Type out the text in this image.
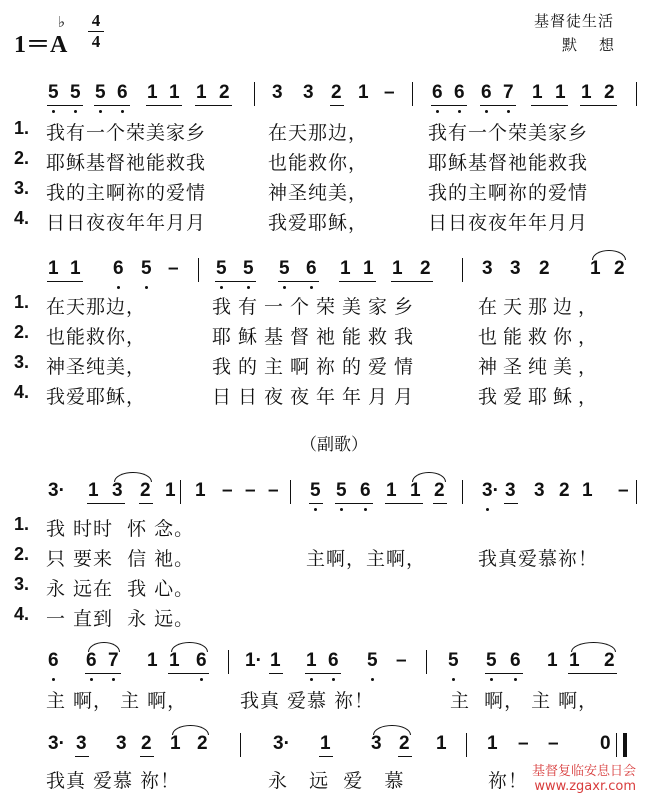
1＝A
♭ 4
4
基督徒生活
默想
5 5 5 6 1 1 1 2 3 3 2 1 – 6 6 6 7 1 1 1 2
1 1 6 5 – 5 5 5 6 1 1 1 2	3 3 2 1 2
3· 1 3 2 1 1 – – – 5 5 6 1 1 2 3· 3 3 2 1 –
6 6 7 1 1 6 1· 1 1 6 5 – 5 5 6 1 1 2
3· 3 3 2 1 2	3· 1 3 2 1 1 – – 0
1. 我有一个荣美家乡	在天那边，	我有一个荣美家乡
2. 耶稣基督祂能救我	也能救你，	耶稣基督祂能救我
3. 我的主啊祢的爱情	神圣纯美，	我的主啊祢的爱情
4. 日日夜夜年年月月	我爱耶稣，	日日夜夜年年月月
1. 在天那边，	我有一个荣美家乡	在天那边，
2. 也能救你，	耶稣基督祂能救我	也能救你，
3. 神圣纯美，	我的主啊祢的爱情	神圣纯美，
4. 我爱耶稣，	日日夜夜年年月月	我爱耶稣，
（副歌）
1. 我 时时  怀 念。
2. 只 要来  信 祂。	主啊，主啊，	我真爱慕祢！
3. 永 远在  我 心。
4. 一 直到  永 远。
主 啊， 主 啊，	我真 爱慕 祢！	主  啊， 主 啊，
我真 爱慕 祢！	永   远  爱   慕	祢！ 基督复临安息日会
www.zgaxr.com
